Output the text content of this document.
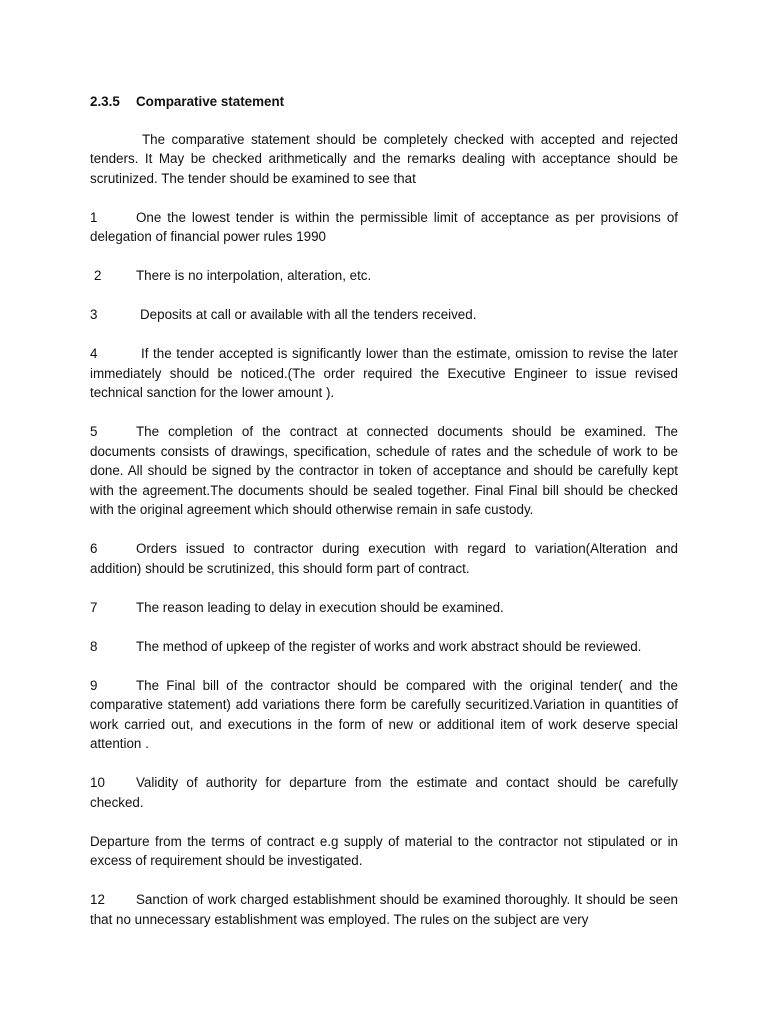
2.3.5 Comparative statement

The comparative statement should be completely checked with accepted and rejected tenders. It May be checked arithmetically and the remarks dealing with acceptance should be scrutinized. The tender should be examined to see that

1	One the lowest tender is within the permissible limit of acceptance as per provisions of delegation of financial power rules 1990

2	There is no interpolation, alteration, etc.

3	Deposits at call or available with all the tenders received.

4	If the tender accepted is significantly lower than the estimate, omission to revise the later immediately should be noticed.(The order required the Executive Engineer to issue revised technical sanction for the lower amount ).

5	The completion of the contract at connected documents should be examined. The documents consists of drawings, specification, schedule of rates and the schedule of work to be done. All should be signed by the contractor in token of acceptance and should be carefully kept with the agreement.The documents should be sealed together. Final Final bill should be checked with the original agreement which should otherwise remain in safe custody.

6	Orders issued to contractor during execution with regard to variation(Alteration and addition) should be scrutinized, this should form part of contract.

7	The reason leading to delay in execution should be examined.

8	The method of upkeep of the register of works and work abstract should be reviewed.

9	The Final bill of the contractor should be compared with the original tender( and the comparative statement) add variations there form be carefully securitized.Variation in quantities of work carried out, and executions in the form of new or additional item of work deserve special attention .

10 Validity of authority for departure from the estimate and contact should be carefully checked.

Departure from the terms of contract e.g supply of material to the contractor not stipulated or in excess of requirement should be investigated.

12 Sanction of work charged establishment should be examined thoroughly. It should be seen that no unnecessary establishment was employed. The rules on the subject are very
